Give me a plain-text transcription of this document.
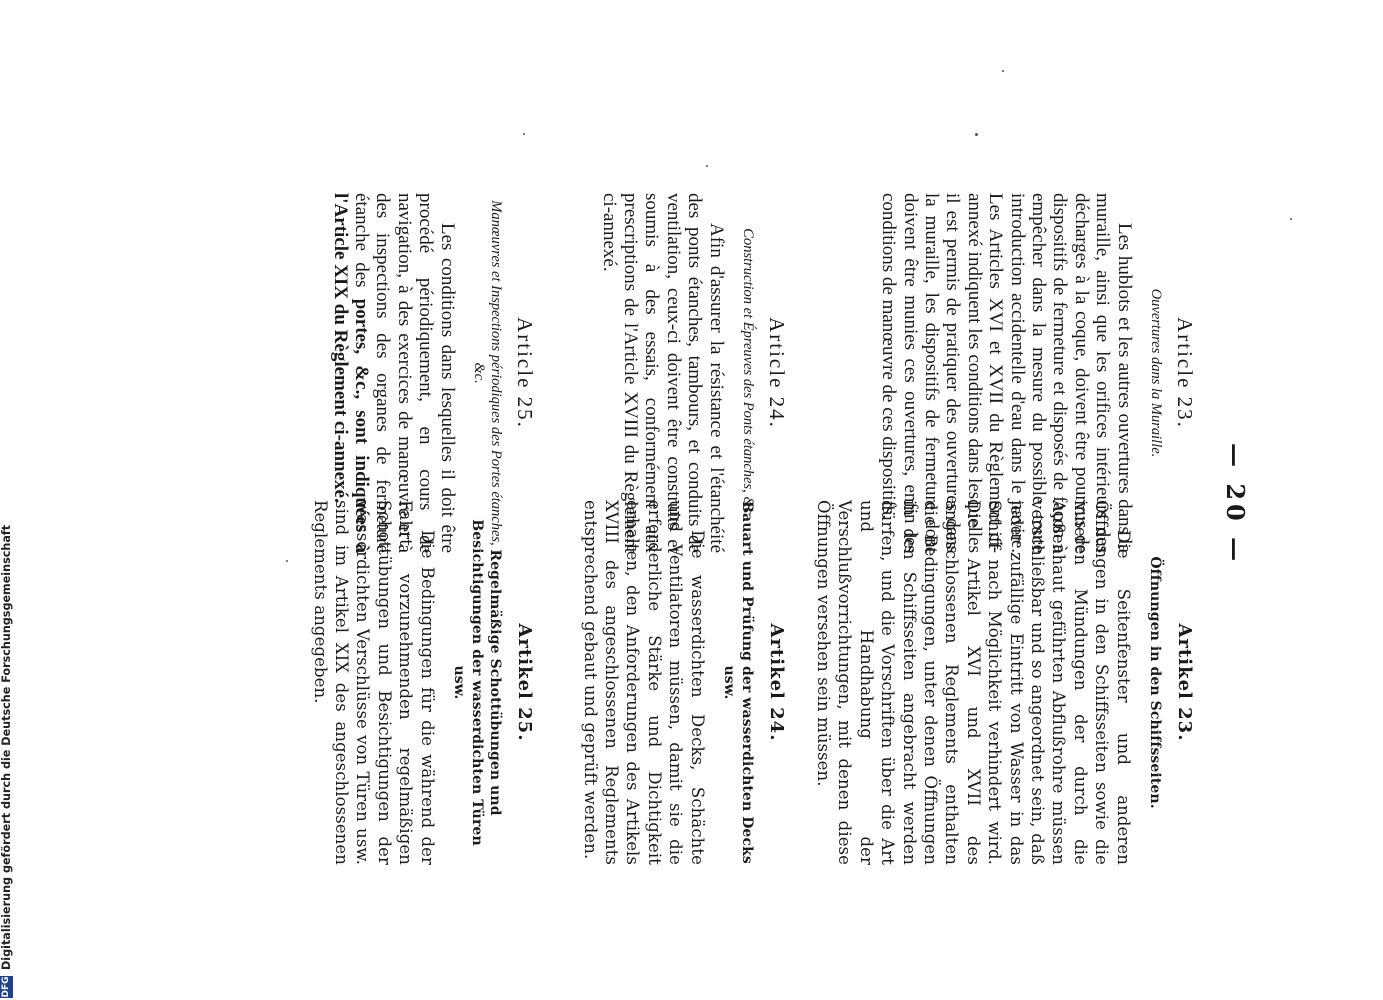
— 20 —
Article 23.
Ouvertures dans la Muraille.

Les hublots et les autres ouvertures dans la muraille, ainsi que les orifices intérieurs des décharges à la coque, doivent être pourvus de dispositifs de fermeture et disposés de façon à empêcher dans la mesure du possible toute introduction accidentelle d'eau dans le navire. Les Articles XVI et XVII du Règlement ci-annexé indiquent les conditions dans lesquelles il est permis de pratiquer des ouvertures dans la muraille, les dispositifs de fermeture dont doivent être munies ces ouvertures, enfin les conditions de manœuvre de ces dispositifs.

Artikel 23.
Öffnungen in den Schiffsseiten.

Die Seitenfenster und anderen Öffnungen in den Schiffsseiten sowie die inneren Mündungen der durch die Außenhaut geführten Abflußrohre müssen verschließbar und so angeordnet sein, daß jeder zufällige Eintritt von Wasser in das Schiff nach Möglichkeit verhindert wird. Die Artikel XVI und XVII des angeschlossenen Reglements enthalten die Bedingungen, unter denen Öffnungen in den Schiffsseiten angebracht werden dürfen, und die Vorschriften über die Art und Handhabung der Verschlußvorrichtungen, mit denen diese Öffnungen versehen sein müssen.

Article 24.
Construction et Épreuves des Ponts étanches, &c.

Afin d'assurer la résistance et l'étanchéité des ponts étanches, tambours, et conduits de ventilation, ceux-ci doivent être construits et soumis à des essais, conformément aux prescriptions de l'Article XVIII du Règlement ci-annexé.

Artikel 24.
Bauart und Prüfung der wasserdichten Decks usw.

Die wasserdichten Decks, Schächte und Ventilatoren müssen, damit sie die erforderliche Stärke und Dichtigkeit erhalten, den Anforderungen des Artikels XVIII des angeschlossenen Reglements entsprechend gebaut und geprüft werden.

Article 25.
Manœuvres et Inspections périodiques des Portes étanches, &c.

Les conditions dans lesquelles il doit être procédé périodiquement, en cours de navigation, à des exercices de manœuvre et à des inspections des organes de fermeture étanche des portes, &c., sont indiquées à l'Article XIX du Règlement ci-annexé.

Artikel 25.
Regelmäßige Schottübungen und Besichtigungen der wasserdichten Türen usw.

Die Bedingungen für die während der Fahrt vorzunehmenden regelmäßigen Schottübungen und Besichtigungen der wasserdichten Verschlüsse von Türen usw. sind im Artikel XIX des angeschlossenen Reglements angegeben.

DFG
Digitalisierung gefördert durch die Deutsche Forschungsgemeinschaft
